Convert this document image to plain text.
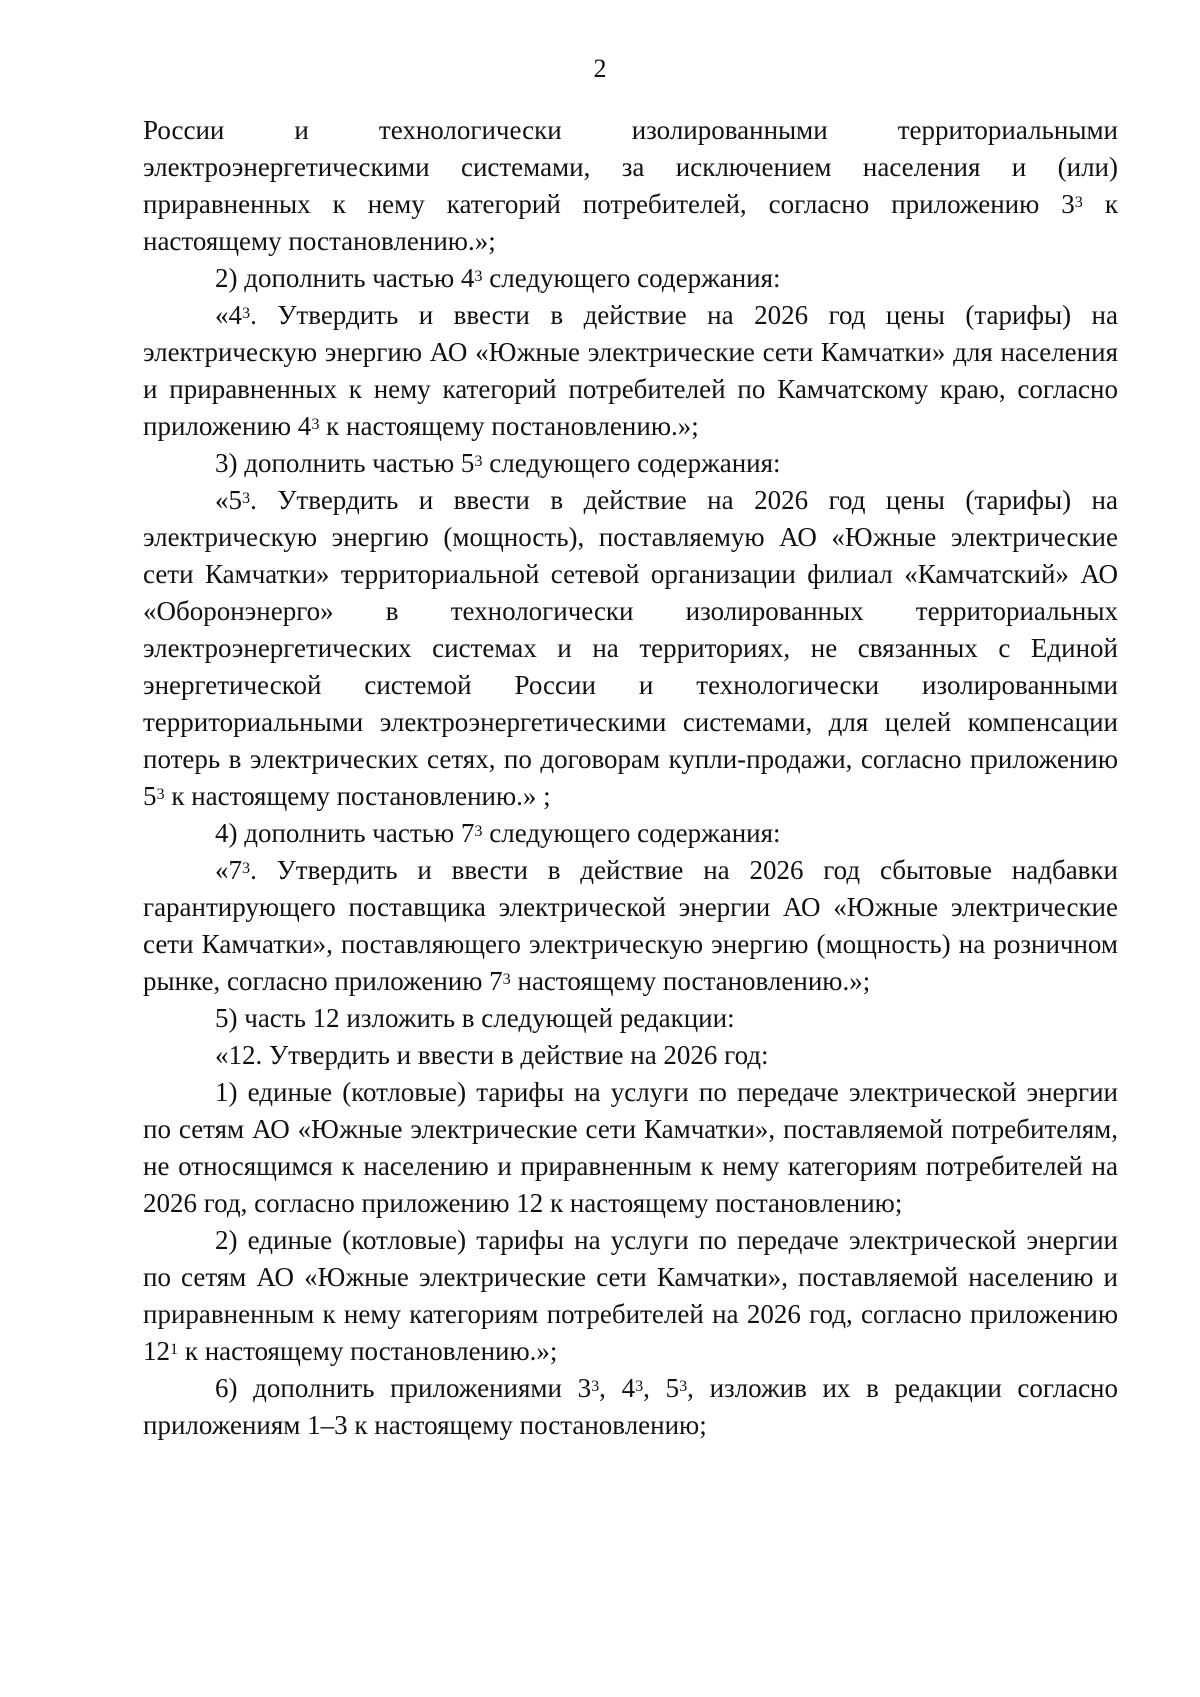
2

России и технологически изолированными территориальными электроэнергетическими системами, за исключением населения и (или) приравненных к нему категорий потребителей, согласно приложению $3^3$ к настоящему постановлению.»;

2) дополнить частью $4^3$ следующего содержания:

«$4^3$. Утвердить и ввести в действие на 2026 год цены (тарифы) на электрическую энергию АО «Южные электрические сети Камчатки» для населения и приравненных к нему категорий потребителей по Камчатскому краю, согласно приложению $4^3$ к настоящему постановлению.»;

3) дополнить частью $5^3$ следующего содержания:

«$5^3$. Утвердить и ввести в действие на 2026 год цены (тарифы) на электрическую энергию (мощность), поставляемую АО «Южные электрические сети Камчатки» территориальной сетевой организации филиал «Камчатский» АО «Оборонэнерго» в технологически изолированных территориальных электроэнергетических системах и на территориях, не связанных с Единой энергетической системой России и технологически изолированными территориальными электроэнергетическими системами, для целей компенсации потерь в электрических сетях, по договорам купли-продажи, согласно приложению $5^3$ к настоящему постановлению.» ;

4) дополнить частью $7^3$ следующего содержания:

«$7^3$. Утвердить и ввести в действие на 2026 год сбытовые надбавки гарантирующего поставщика электрической энергии АО «Южные электрические сети Камчатки», поставляющего электрическую энергию (мощность) на розничном рынке, согласно приложению $7^3$ настоящему постановлению.»;

5) часть 12 изложить в следующей редакции:

«12. Утвердить и ввести в действие на 2026 год:

1) единые (котловые) тарифы на услуги по передаче электрической энергии по сетям АО «Южные электрические сети Камчатки», поставляемой потребителям, не относящимся к населению и приравненным к нему категориям потребителей на 2026 год, согласно приложению 12 к настоящему постановлению;

2) единые (котловые) тарифы на услуги по передаче электрической энергии по сетям АО «Южные электрические сети Камчатки», поставляемой населению и приравненным к нему категориям потребителей на 2026 год, согласно приложению $12^1$ к настоящему постановлению.»;

6) дополнить приложениями $3^3$, $4^3$, $5^3$, изложив их в редакции согласно приложениям 1–3 к настоящему постановлению;
